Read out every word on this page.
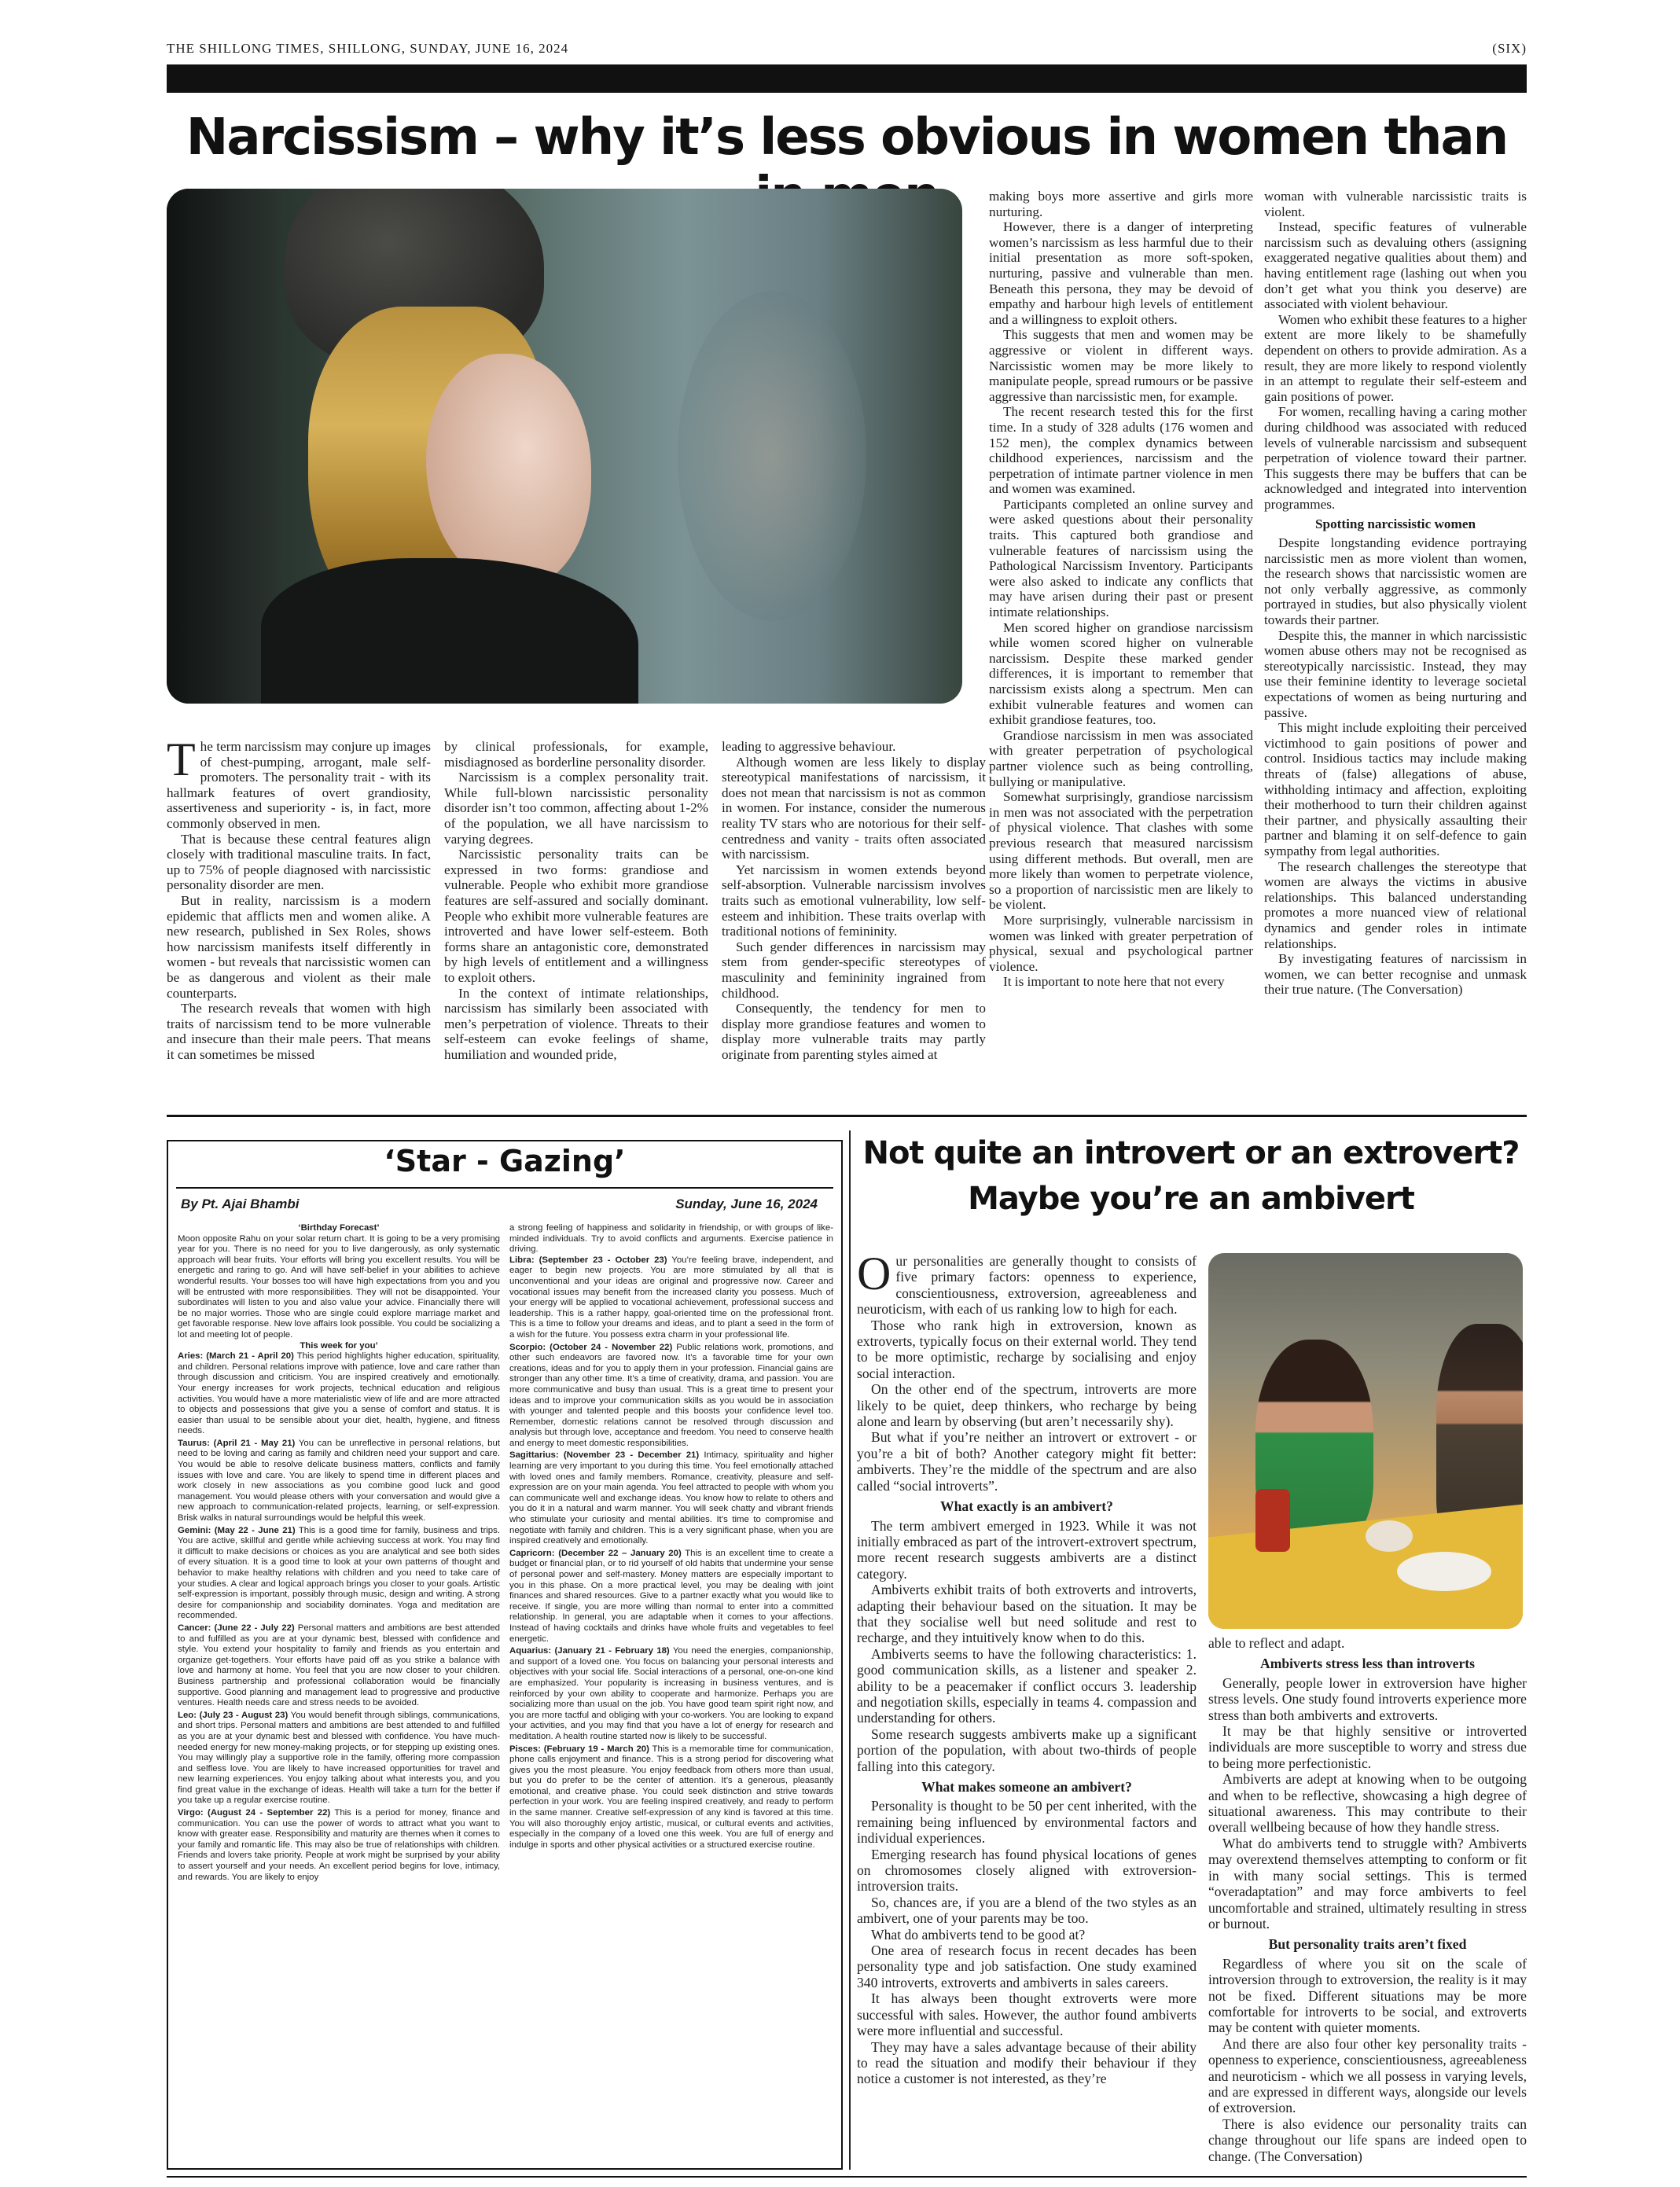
THE SHILLONG TIMES, SHILLONG, SUNDAY, JUNE 16, 2024	(SIX)
Narcissism – why it’s less obvious in women than
T he term narcissism may conjure up images of chest-pumping, arrogant, male self-promoters. The personality trait - with its hallmark features of overt grandiosity, assertiveness and superiority - is, in fact, more commonly observed in men.

That is because these central features align closely with traditional masculine traits. In fact, up to 75% of people diagnosed with narcissistic personality disorder are men.

But in reality, narcissism is a modern epidemic that afflicts men and women alike. A new research, published in Sex Roles, shows how narcissism manifests itself differently in women - but reveals that narcissistic women can be as dangerous and violent as their male counterparts.

The research reveals that women with high traits of narcissism tend to be more vulnerable and insecure than their male peers. That means it can sometimes be missed

by clinical professionals, for example, misdiagnosed as borderline personality disorder.

Narcissism is a complex personality trait. While full-blown narcissistic personality disorder isn’t too common, affecting about 1-2% of the population, we all have narcissism to varying degrees.

Narcissistic personality traits can be expressed in two forms: grandiose and vulnerable. People who exhibit more grandiose features are self-assured and socially dominant. People who exhibit more vulnerable features are introverted and have lower self-esteem. Both forms share an antagonistic core, demonstrated by high levels of entitlement and a willingness to exploit others.

In the context of intimate relationships, narcissism has similarly been associated with men’s perpetration of violence. Threats to their self-esteem can evoke feelings of shame, humiliation and wounded pride,

leading to aggressive behaviour.

Although women are less likely to display stereotypical manifestations of narcissism, it does not mean that narcissism is not as common in women. For instance, consider the numerous reality TV stars who are notorious for their self-centredness and vanity - traits often associated with narcissism.

Yet narcissism in women extends beyond self-absorption. Vulnerable narcissism involves traits such as emotional vulnerability, low self-esteem and inhibition. These traits overlap with traditional notions of femininity.

Such gender differences in narcissism may stem from gender-specific stereotypes of masculinity and femininity ingrained from childhood.

Consequently, the tendency for men to display more grandiose features and women to display more vulnerable traits may partly originate from parenting styles aimed at

making boys more assertive and girls more nurturing.

However, there is a danger of interpreting women’s narcissism as less harmful due to their initial presentation as more soft-spoken, nurturing, passive and vulnerable than men. Beneath this persona, they may be devoid of empathy and harbour high levels of entitlement and a willingness to exploit others.

This suggests that men and women may be aggressive or violent in different ways. Narcissistic women may be more likely to manipulate people, spread rumours or be passive aggressive than narcissistic men, for example.

The recent research tested this for the first time. In a study of 328 adults (176 women and 152 men), the complex dynamics between childhood experiences, narcissism and the perpetration of intimate partner violence in men and women was examined.

Participants completed an online survey and were asked questions about their personality traits. This captured both grandiose and vulnerable features of narcissism using the Pathological Narcissism Inventory. Participants were also asked to indicate any conflicts that may have arisen during their past or present intimate relationships.

Men scored higher on grandiose narcissism while women scored higher on vulnerable narcissism. Despite these marked gender differences, it is important to remember that narcissism exists along a spectrum. Men can exhibit vulnerable features and women can exhibit grandiose features, too.

Grandiose narcissism in men was associated with greater perpetration of psychological partner violence such as being controlling, bullying or manipulative.

Somewhat surprisingly, grandiose narcissism in men was not associated with the perpetration of physical violence. That clashes with some previous research that measured narcissism using different methods. But overall, men are more likely than women to perpetrate violence, so a proportion of narcissistic men are likely to be violent.

More surprisingly, vulnerable narcissism in women was linked with greater perpetration of physical, sexual and psychological partner violence.

It is important to note here that not every

woman with vulnerable narcissistic traits is violent.

Instead, specific features of vulnerable narcissism such as devaluing others (assigning exaggerated negative qualities about them) and having entitlement rage (lashing out when you don’t get what you think you deserve) are associated with violent behaviour.

Women who exhibit these features to a higher extent are more likely to be shamefully dependent on others to provide admiration. As a result, they are more likely to respond violently in an attempt to regulate their self-esteem and gain positions of power.

For women, recalling having a caring mother during childhood was associated with reduced levels of vulnerable narcissism and subsequent perpetration of violence toward their partner. This suggests there may be buffers that can be acknowledged and integrated into intervention programmes.

Spotting narcissistic women

Despite longstanding evidence portraying narcissistic men as more violent than women, the research shows that narcissistic women are not only verbally aggressive, as commonly portrayed in studies, but also physically violent towards their partner.

Despite this, the manner in which narcissistic women abuse others may not be recognised as stereotypically narcissistic. Instead, they may use their feminine identity to leverage societal expectations of women as being nurturing and passive.

This might include exploiting their perceived victimhood to gain positions of power and control. Insidious tactics may include making threats of (false) allegations of abuse, withholding intimacy and affection, exploiting their motherhood to turn their children against their partner, and physically assaulting their partner and blaming it on self-defence to gain sympathy from legal authorities.

The research challenges the stereotype that women are always the victims in abusive relationships. This balanced understanding promotes a more nuanced view of relational dynamics and gender roles in intimate relationships.

By investigating features of narcissism in women, we can better recognise and unmask their true nature. (The Conversation)

‘Star - Gazing’
By Pt. Ajai Bhambi	Sunday, June 16, 2024
‘Birthday Forecast’
Moon opposite Rahu on your solar return chart. It is going to be a very promising year for you. There is no need for you to live dangerously, as only systematic approach will bear fruits. Your efforts will bring you excellent results. You will be energetic and raring to go. And will have self-belief in your abilities to achieve wonderful results. Your bosses too will have high expectations from you and you will be entrusted with more responsibilities. They will not be disappointed. Your subordinates will listen to you and also value your advice. Financially there will be no major worries. Those who are single could explore marriage market and get favorable response. New love affairs look possible. You could be socializing a lot and meeting lot of people.
This week for you’
Aries: (March 21 - April 20) This period highlights higher education, spirituality, and children. Personal relations improve with patience, love and care rather than through discussion and criticism. You are inspired creatively and emotionally. Your energy increases for work projects, technical education and religious activities. You would have a more materialistic view of life and are more attracted to objects and possessions that give you a sense of comfort and status. It is easier than usual to be sensible about your diet, health, hygiene, and fitness needs.
Taurus: (April 21 - May 21) You can be unreflective in personal relations, but need to be loving and caring as family and children need your support and care. You would be able to resolve delicate business matters, conflicts and family issues with love and care. You are likely to spend time in different places and work closely in new associations as you combine good luck and good management. You would please others with your conversation and would give a new approach to communication-related projects, learning, or self-expression. Brisk walks in natural surroundings would be helpful this week.
Gemini: (May 22 - June 21) This is a good time for family, business and trips. You are active, skillful and gentle while achieving success at work. You may find it difficult to make decisions or choices as you are analytical and see both sides of every situation. It is a good time to look at your own patterns of thought and behavior to make healthy relations with children and you need to take care of your studies. A clear and logical approach brings you closer to your goals. Artistic self-expression is important, possibly through music, design and writing. A strong desire for companionship and sociability dominates. Yoga and meditation are recommended.
Cancer: (June 22 - July 22) Personal matters and ambitions are best attended to and fulfilled as you are at your dynamic best, blessed with confidence and style. You extend your hospitality to family and friends as you entertain and organize get-togethers. Your efforts have paid off as you strike a balance with love and harmony at home. You feel that you are now closer to your children. Business partnership and professional collaboration would be financially supportive. Good planning and management lead to progressive and productive ventures. Health needs care and stress needs to be avoided.
Leo: (July 23 - August 23) You would benefit through siblings, communications, and short trips. Personal matters and ambitions are best attended to and fulfilled as you are at your dynamic best and blessed with confidence. You have much-needed energy for new money-making projects, or for stepping up existing ones. You may willingly play a supportive role in the family, offering more compassion and selfless love. You are likely to have increased opportunities for travel and new learning experiences. You enjoy talking about what interests you, and you find great value in the exchange of ideas. Health will take a turn for the better if you take up a regular exercise routine.
Virgo: (August 24 - September 22) This is a period for money, finance and communication. You can use the power of words to attract what you want to know with greater ease. Responsibility and maturity are themes when it comes to your family and romantic life. This may also be true of relationships with children. Friends and lovers take priority. People at work might be surprised by your ability to assert yourself and your needs. An excellent period begins for love, intimacy, and rewards. You are likely to enjoy
a strong feeling of happiness and solidarity in friendship, or with groups of like-minded individuals. Try to avoid conflicts and arguments. Exercise patience in driving.
Libra: (September 23 - October 23) You’re feeling brave, independent, and eager to begin new projects. You are more stimulated by all that is unconventional and your ideas are original and progressive now. Career and vocational issues may benefit from the increased clarity you possess. Much of your energy will be applied to vocational achievement, professional success and leadership. This is a rather happy, goal-oriented time on the professional front. This is a time to follow your dreams and ideas, and to plant a seed in the form of a wish for the future. You possess extra charm in your professional life.
Scorpio: (October 24 - November 22) Public relations work, promotions, and other such endeavors are favored now. It’s a favorable time for your own creations, ideas and for you to apply them in your profession. Financial gains are stronger than any other time. It’s a time of creativity, drama, and passion. You are more communicative and busy than usual. This is a great time to present your ideas and to improve your communication skills as you would be in association with younger and talented people and this boosts your confidence level too. Remember, domestic relations cannot be resolved through discussion and analysis but through love, acceptance and freedom. You need to conserve health and energy to meet domestic responsibilities.
Sagittarius: (November 23 - December 21) Intimacy, spirituality and higher learning are very important to you during this time. You feel emotionally attached with loved ones and family members. Romance, creativity, pleasure and self-expression are on your main agenda. You feel attracted to people with whom you can communicate well and exchange ideas. You know how to relate to others and you do it in a natural and warm manner. You will seek chatty and vibrant friends who stimulate your curiosity and mental abilities. It’s time to compromise and negotiate with family and children. This is a very significant phase, when you are inspired creatively and emotionally.
Capricorn: (December 22 – January 20) This is an excellent time to create a budget or financial plan, or to rid yourself of old habits that undermine your sense of personal power and self-mastery. Money matters are especially important to you in this phase. On a more practical level, you may be dealing with joint finances and shared resources. Give to a partner exactly what you would like to receive. If single, you are more willing than normal to enter into a committed relationship. In general, you are adaptable when it comes to your affections. Instead of having cocktails and drinks have whole fruits and vegetables to feel energetic.
Aquarius: (January 21 - February 18) You need the energies, companionship, and support of a loved one. You focus on balancing your personal interests and objectives with your social life. Social interactions of a personal, one-on-one kind are emphasized. Your popularity is increasing in business ventures, and is reinforced by your own ability to cooperate and harmonize. Perhaps you are socializing more than usual on the job. You have good team spirit right now, and you are more tactful and obliging with your co-workers. You are looking to expand your activities, and you may find that you have a lot of energy for research and meditation. A health routine started now is likely to be successful.
Pisces: (February 19 - March 20) This is a memorable time for communication, phone calls enjoyment and finance. This is a strong period for discovering what gives you the most pleasure. You enjoy feedback from others more than usual, but you do prefer to be the center of attention. It’s a generous, pleasantly emotional, and creative phase. You could seek distinction and strive towards perfection in your work. You are feeling inspired creatively, and ready to perform in the same manner. Creative self-expression of any kind is favored at this time. You will also thoroughly enjoy artistic, musical, or cultural events and activities, especially in the company of a loved one this week. You are full of energy and indulge in sports and other physical activities or a structured exercise routine.
Not quite an introvert or an extrovert?
Maybe you’re an ambivert
O ur personalities are generally thought to consists of five primary factors: openness to experience, conscientiousness, extroversion, agreeableness and neuroticism, with each of us ranking low to high for each.

Those who rank high in extroversion, known as extroverts, typically focus on their external world. They tend to be more optimistic, recharge by socialising and enjoy social interaction.

On the other end of the spectrum, introverts are more likely to be quiet, deep thinkers, who recharge by being alone and learn by observing (but aren’t necessarily shy).

But what if you’re neither an introvert or extrovert - or you’re a bit of both? Another category might fit better: ambiverts. They’re the middle of the spectrum and are also called “social introverts”.

What exactly is an ambivert?

The term ambivert emerged in 1923. While it was not initially embraced as part of the introvert-extrovert spectrum, more recent research suggests ambiverts are a distinct category.

Ambiverts exhibit traits of both extroverts and introverts, adapting their behaviour based on the situation. It may be that they socialise well but need solitude and rest to recharge, and they intuitively know when to do this.

Ambiverts seems to have the following characteristics: 1. good communication skills, as a listener and speaker 2. ability to be a peacemaker if conflict occurs 3. leadership and negotiation skills, especially in teams 4. compassion and understanding for others.

Some research suggests ambiverts make up a significant portion of the population, with about two-thirds of people falling into this category.

What makes someone an ambivert?

Personality is thought to be 50 per cent inherited, with the remaining being influenced by environmental factors and individual experiences.

Emerging research has found physical locations of genes on chromosomes closely aligned with extroversion-introversion traits.

So, chances are, if you are a blend of the two styles as an ambivert, one of your parents may be too.

What do ambiverts tend to be good at?

One area of research focus in recent decades has been personality type and job satisfaction. One study examined 340 introverts, extroverts and ambiverts in sales careers.

It has always been thought extroverts were more successful with sales. However, the author found ambiverts were more influential and successful.

They may have a sales advantage because of their ability to read the situation and modify their behaviour if they notice a customer is not interested, as they’re

able to reflect and adapt.

Ambiverts stress less than introverts

Generally, people lower in extroversion have higher stress levels. One study found introverts experience more stress than both ambiverts and extroverts.

It may be that highly sensitive or introverted individuals are more susceptible to worry and stress due to being more perfectionistic.

Ambiverts are adept at knowing when to be outgoing and when to be reflective, showcasing a high degree of situational awareness. This may contribute to their overall wellbeing because of how they handle stress.

What do ambiverts tend to struggle with? Ambiverts may overextend themselves attempting to conform or fit in with many social settings. This is termed “overadaptation” and may force ambiverts to feel uncomfortable and strained, ultimately resulting in stress or burnout.

But personality traits aren’t fixed

Regardless of where you sit on the scale of introversion through to extroversion, the reality is it may not be fixed. Different situations may be more comfortable for introverts to be social, and extroverts may be content with quieter moments.

And there are also four other key personality traits - openness to experience, conscientiousness, agreeableness and neuroticism - which we all possess in varying levels, and are expressed in different ways, alongside our levels of extroversion.

There is also evidence our personality traits can change throughout our life spans are indeed open to change. (The Conversation)
